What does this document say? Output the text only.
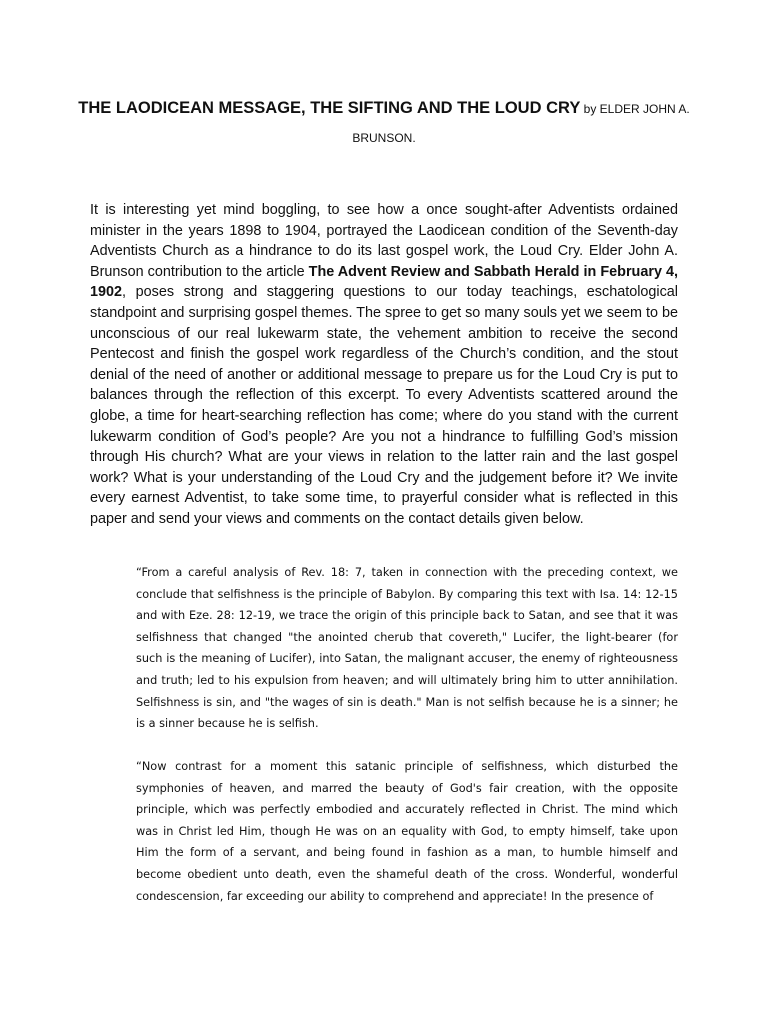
THE LAODICEAN MESSAGE, THE SIFTING AND THE LOUD CRY by ELDER JOHN A. BRUNSON.

It is interesting yet mind boggling, to see how a once sought-after Adventists ordained minister in the years 1898 to 1904, portrayed the Laodicean condition of the Seventh-day Adventists Church as a hindrance to do its last gospel work, the Loud Cry. Elder John A. Brunson contribution to the article The Advent Review and Sabbath Herald in February 4, 1902, poses strong and staggering questions to our today teachings, eschatological standpoint and surprising gospel themes. The spree to get so many souls yet we seem to be unconscious of our real lukewarm state, the vehement ambition to receive the second Pentecost and finish the gospel work regardless of the Church’s condition, and the stout denial of the need of another or additional message to prepare us for the Loud Cry is put to balances through the reflection of this excerpt. To every Adventists scattered around the globe, a time for heart-searching reflection has come; where do you stand with the current lukewarm condition of God’s people? Are you not a hindrance to fulfilling God’s mission through His church? What are your views in relation to the latter rain and the last gospel work? What is your understanding of the Loud Cry and the judgement before it? We invite every earnest Adventist, to take some time, to prayerful consider what is reflected in this paper and send your views and comments on the contact details given below.

“From a careful analysis of Rev. 18: 7, taken in connection with the preceding context, we conclude that selfishness is the principle of Babylon. By comparing this text with Isa. 14: 12-15 and with Eze. 28: 12-19, we trace the origin of this principle back to Satan, and see that it was selfishness that changed "the anointed cherub that covereth," Lucifer, the light-bearer (for such is the meaning of Lucifer), into Satan, the malignant accuser, the enemy of righteousness and truth; led to his expulsion from heaven; and will ultimately bring him to utter annihilation. Selfishness is sin, and "the wages of sin is death." Man is not selfish because he is a sinner; he is a sinner because he is selfish.

“Now contrast for a moment this satanic principle of selfishness, which disturbed the symphonies of heaven, and marred the beauty of God's fair creation, with the opposite principle, which was perfectly embodied and accurately reflected in Christ. The mind which was in Christ led Him, though He was on an equality with God, to empty himself, take upon Him the form of a servant, and being found in fashion as a man, to humble himself and become obedient unto death, even the shameful death of the cross. Wonderful, wonderful condescension, far exceeding our ability to comprehend and appreciate! In the presence of
